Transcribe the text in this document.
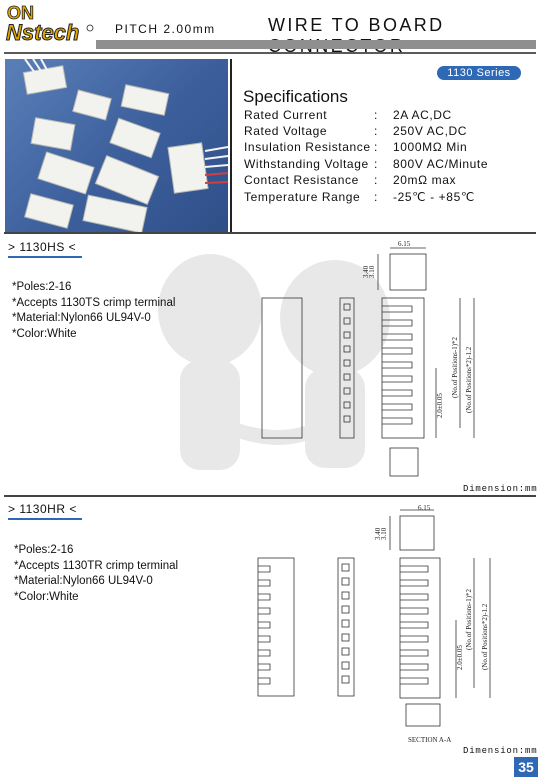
ON
Nstech	PITCH 2.00mm	WIRE TO BOARD
1130 Series
Specifications
Rated Current	: 2A AC,DC
Rated Voltage	: 250V AC,DC
Insulation Resistance : 1000MΩ Min
Withstanding Voltage : 800V AC/Minute
Contact Resistance : 20mΩ max
Temperature Range : -25℃ - +85℃
> 1130HS <
*Poles:2-16
*Accepts 1130TS crimp terminal
*Material:Nylon66 UL94V-0
*Color:White
6.15
3.40
3.10
2.0±0.05
(No.of Positions-1)*2 (No.of Positions*2)-1.2
Dimension:mm
> 1130HR <
*Poles:2-16
*Accepts 1130TR crimp terminal
*Material:Nylon66 UL94V-0
*Color:White
6.15
3.40
3.10
2.0±0.05
(No.of Positions-1)*2 (No.of Positions*2)-1.2
SECTION A-A
Dimension:mm
35
